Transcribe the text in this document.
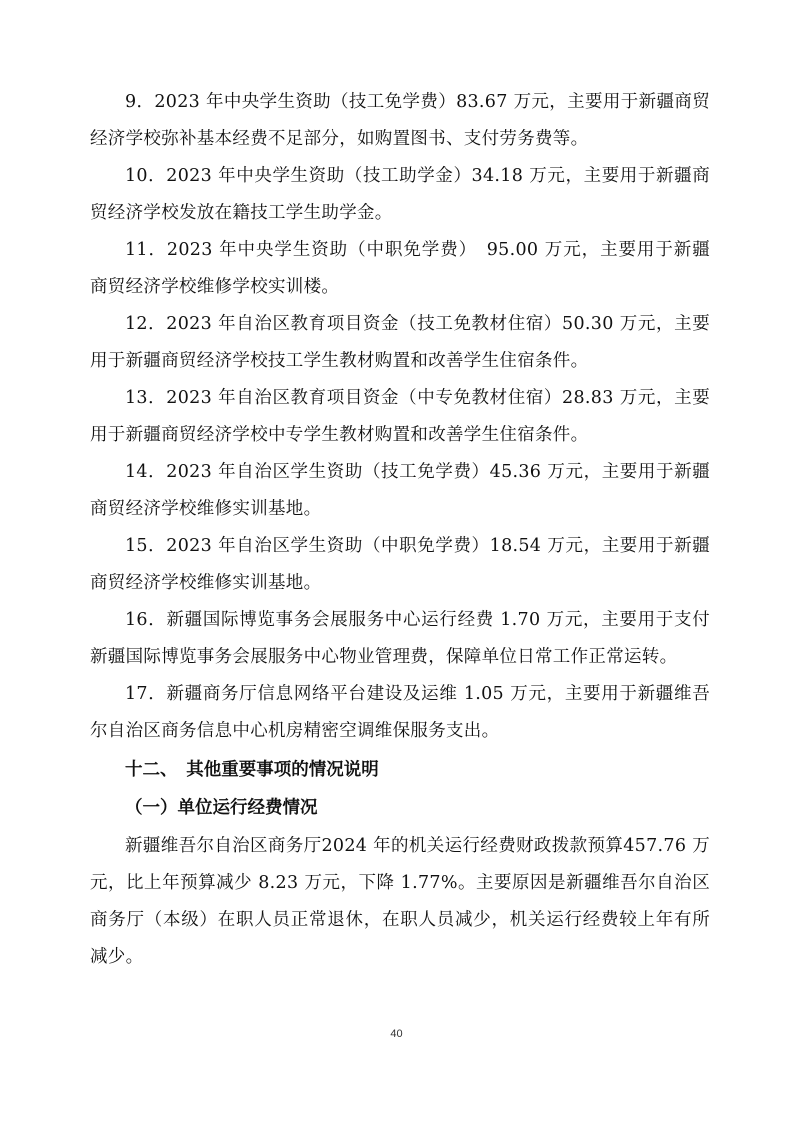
9．2023 年中央学生资助（技工免学费）83.67 万元，主要用于新疆商贸经济学校弥补基本经费不足部分，如购置图书、支付劳务费等。

10．2023 年中央学生资助（技工助学金）34.18 万元，主要用于新疆商贸经济学校发放在籍技工学生助学金。

11．2023 年中央学生资助（中职免学费）　95.00 万元，主要用于新疆商贸经济学校维修学校实训楼。

12．2023 年自治区教育项目资金（技工免教材住宿）50.30 万元，主要用于新疆商贸经济学校技工学生教材购置和改善学生住宿条件。

13．2023 年自治区教育项目资金（中专免教材住宿）28.83 万元，主要用于新疆商贸经济学校中专学生教材购置和改善学生住宿条件。

14．2023 年自治区学生资助（技工免学费）45.36 万元，主要用于新疆商贸经济学校维修实训基地。

15．2023 年自治区学生资助（中职免学费）18.54 万元，主要用于新疆商贸经济学校维修实训基地。

16．新疆国际博览事务会展服务中心运行经费 1.70 万元，主要用于支付新疆国际博览事务会展服务中心物业管理费，保障单位日常工作正常运转。

17．新疆商务厅信息网络平台建设及运维 1.05 万元，主要用于新疆维吾尔自治区商务信息中心机房精密空调维保服务支出。

十二、　其他重要事项的情况说明
（一）单位运行经费情况

新疆维吾尔自治区商务厅2024 年的机关运行经费财政拨款预算457.76 万元，比上年预算减少 8.23 万元，下降 1.77%。主要原因是新疆维吾尔自治区商务厅（本级）在职人员正常退休，在职人员减少，机关运行经费较上年有所减少。

40
